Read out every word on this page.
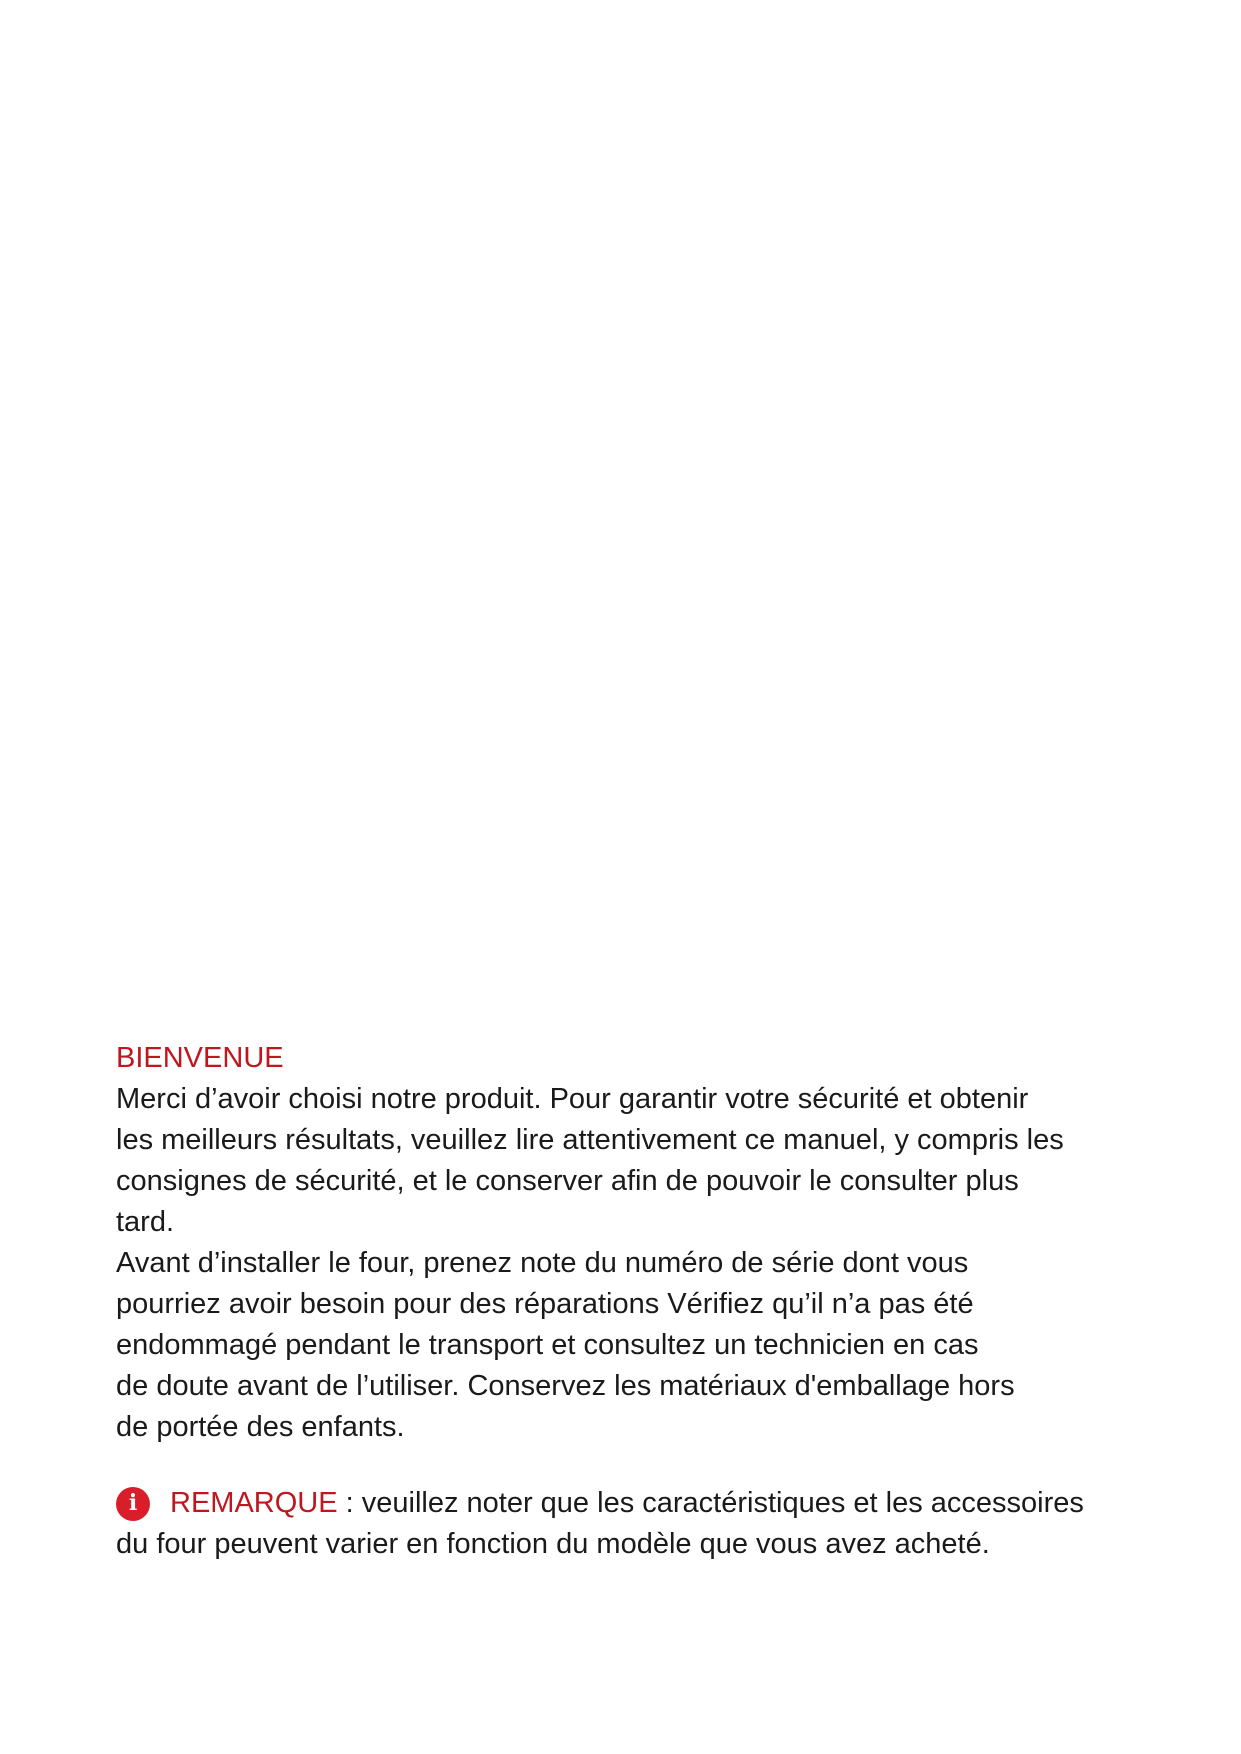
BIENVENUE

Merci d’avoir choisi notre produit. Pour garantir votre sécurité et obtenir

les meilleurs résultats, veuillez lire attentivement ce manuel, y compris les

consignes de sécurité, et le conserver afin de pouvoir le consulter plus

tard.

Avant d’installer le four, prenez note du numéro de série dont vous

pourriez avoir besoin pour des réparations Vérifiez qu’il n’a pas été

endommagé pendant le transport et consultez un technicien en cas

de doute avant de l’utiliser. Conservez les matériaux d'emballage hors

de portée des enfants.

i	REMARQUE : veuillez noter que les caractéristiques et les accessoires

du four peuvent varier en fonction du modèle que vous avez acheté.
